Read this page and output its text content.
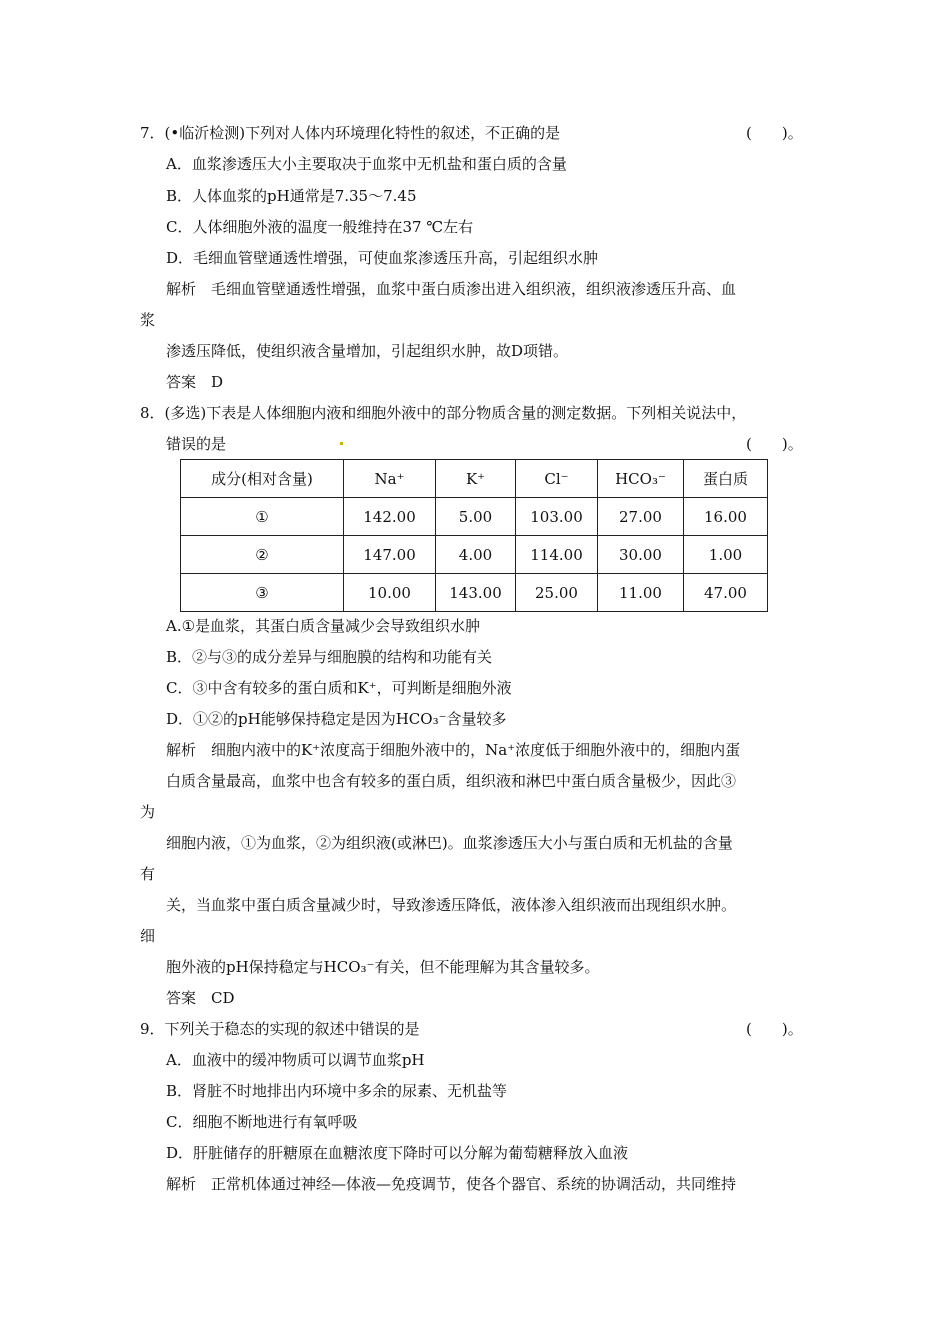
7．(•临沂检测)下列对人体内环境理化特性的叙述，不正确的是	(　　)。
A．血浆渗透压大小主要取决于血浆中无机盐和蛋白质的含量
B．人体血浆的pH通常是7.35～7.45
C．人体细胞外液的温度一般维持在37 ℃左右
D．毛细血管壁通透性增强，可使血浆渗透压升高，引起组织水肿
解析　毛细血管壁通透性增强，血浆中蛋白质渗出进入组织液，组织液渗透压升高、血
浆
渗透压降低，使组织液含量增加，引起组织水肿，故D项错。
答案　D
8．(多选)下表是人体细胞内液和细胞外液中的部分物质含量的测定数据。下列相关说法中，
错误的是	(　　)。
成分(相对含量)	Na⁺	K⁺	Cl⁻	HCO₃⁻	蛋白质
①	142.00	5.00	103.00	27.00	16.00
②	147.00	4.00	114.00	30.00	1.00
③	10.00	143.00	25.00	11.00	47.00
A.①是血浆，其蛋白质含量减少会导致组织水肿
B．②与③的成分差异与细胞膜的结构和功能有关
C．③中含有较多的蛋白质和K⁺，可判断是细胞外液
D．①②的pH能够保持稳定是因为HCO₃⁻含量较多
解析　细胞内液中的K⁺浓度高于细胞外液中的，Na⁺浓度低于细胞外液中的，细胞内蛋
白质含量最高，血浆中也含有较多的蛋白质，组织液和淋巴中蛋白质含量极少，因此③
为
细胞内液，①为血浆，②为组织液(或淋巴)。血浆渗透压大小与蛋白质和无机盐的含量
有
关，当血浆中蛋白质含量减少时，导致渗透压降低，液体渗入组织液而出现组织水肿。
细
胞外液的pH保持稳定与HCO₃⁻有关，但不能理解为其含量较多。
答案　CD
9．下列关于稳态的实现的叙述中错误的是	(　　)。
A．血液中的缓冲物质可以调节血浆pH
B．肾脏不时地排出内环境中多余的尿素、无机盐等
C．细胞不断地进行有氧呼吸
D．肝脏储存的肝糖原在血糖浓度下降时可以分解为葡萄糖释放入血液
解析　正常机体通过神经—体液—免疫调节，使各个器官、系统的协调活动，共同维持
